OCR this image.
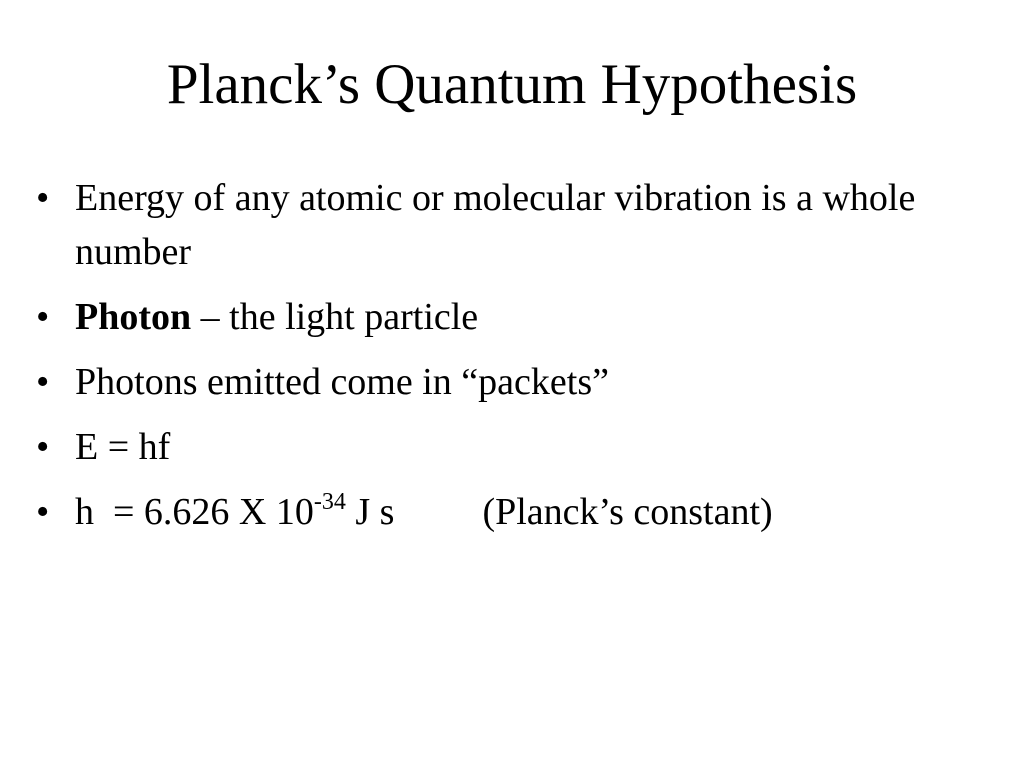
Planck’s Quantum Hypothesis
• Energy of any atomic or molecular vibration is a whole number
• Photon – the light particle
• Photons emitted come in “packets”
• E = hf
• h  = 6.626 X $10^{-34}$ J s (Planck’s constant)
